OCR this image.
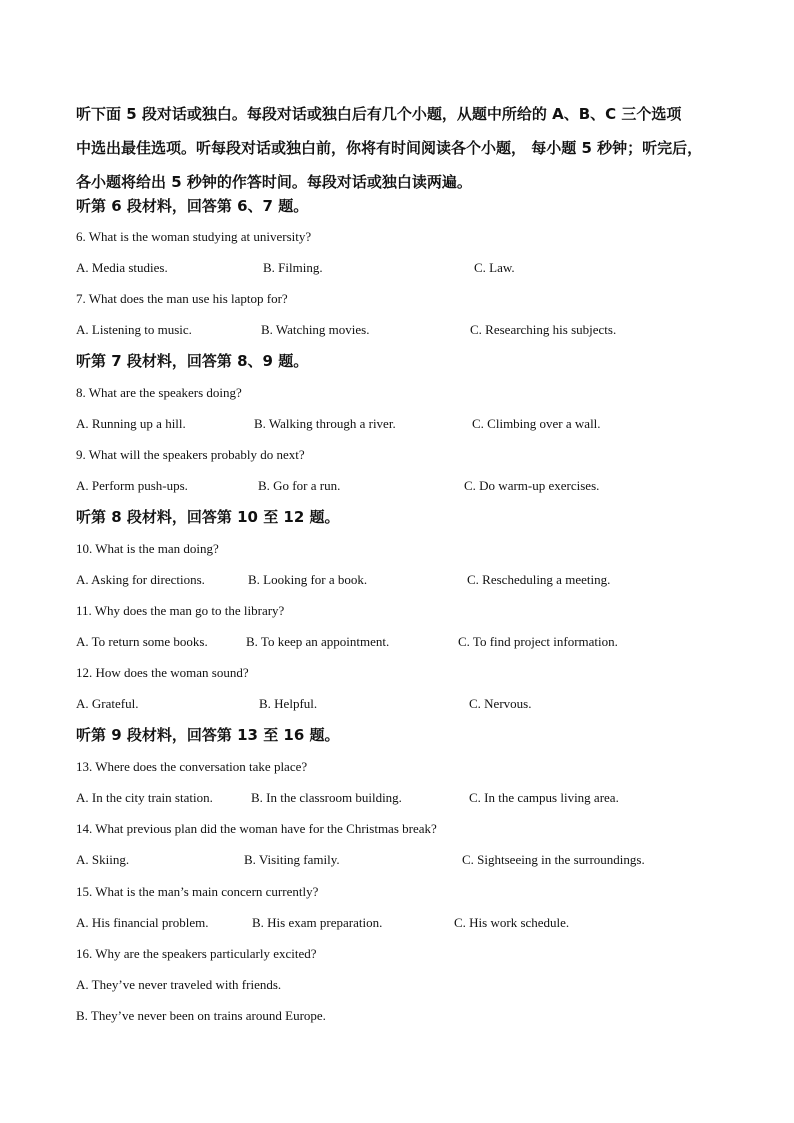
听下面 5 段对话或独白。每段对话或独白后有几个小题，从题中所给的 A、B、C 三个选项
中选出最佳选项。听每段对话或独白前，你将有时间阅读各个小题， 每小题 5 秒钟；听完后，
各小题将给出 5 秒钟的作答时间。每段对话或独白读两遍。
听第 6 段材料，回答第 6、7 题。
6. What is the woman studying at university?
A. Media studies.	B. Filming.	C. Law.
7. What does the man use his laptop for?
A. Listening to music.	B. Watching movies.	C. Researching his subjects.
听第 7 段材料，回答第 8、9 题。
8. What are the speakers doing?
A. Running up a hill.	B. Walking through a river.	C. Climbing over a wall.
9. What will the speakers probably do next?
A. Perform push-ups.	B. Go for a run.	C. Do warm-up exercises.
听第 8 段材料，回答第 10 至 12 题。
10. What is the man doing?
A. Asking for directions.	B. Looking for a book.	C. Rescheduling a meeting.
11. Why does the man go to the library?
A. To return some books.	B. To keep an appointment.	C. To find project information.
12. How does the woman sound?
A. Grateful.	B. Helpful.	C. Nervous.
听第 9 段材料，回答第 13 至 16 题。
13. Where does the conversation take place?
A. In the city train station.	B. In the classroom building.	C. In the campus living area.
14. What previous plan did the woman have for the Christmas break?
A. Skiing.	B. Visiting family.	C. Sightseeing in the surroundings.
15. What is the man’s main concern currently?
A. His financial problem.	B. His exam preparation.	C. His work schedule.
16. Why are the speakers particularly excited?
A. They’ve never traveled with friends.
B. They’ve never been on trains around Europe.
